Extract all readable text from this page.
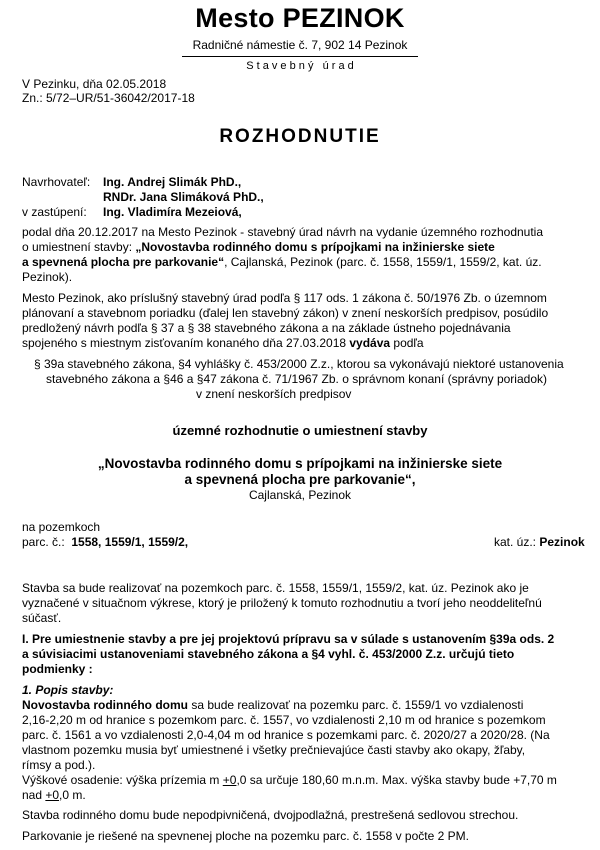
Mesto PEZINOK
Radničné námestie č. 7, 902 14 Pezinok
S t a v e b n ý   ú r a d
V Pezinku, dňa 02.05.2018
Zn.: 5/72–UR/51-36042/2017-18
ROZHODNUTIE
Navrhovateľ: Ing. Andrej Slimák PhD.,
RNDr. Jana Slimáková PhD.,
v zastúpení: Ing. Vladimíra Mezeiová,
podal dňa 20.12.2017 na Mesto Pezinok - stavebný úrad návrh na vydanie územného rozhodnutia
o umiestnení stavby: „Novostavba rodinného domu s prípojkami na inžinierske siete
a spevnená plocha pre parkovanie“, Cajlanská, Pezinok (parc. č. 1558, 1559/1, 1559/2, kat. úz.
Pezinok).
Mesto Pezinok, ako príslušný stavebný úrad podľa § 117 ods. 1 zákona č. 50/1976 Zb. o územnom
plánovaní a stavebnom poriadku (ďalej len stavebný zákon) v znení neskorších predpisov, posúdilo
predložený návrh podľa § 37 a § 38 stavebného zákona a na základe ústneho pojednávania
spojeného s miestnym zisťovaním konaného dňa 27.03.2018 vydáva podľa
§ 39a stavebného zákona, §4 vyhlášky č. 453/2000 Z.z., ktorou sa vykonávajú niektoré ustanovenia
stavebného zákona a §46 a §47 zákona č. 71/1967 Zb. o správnom konaní (správny poriadok)
v znení neskorších predpisov
územné rozhodnutie o umiestnení stavby
„Novostavba rodinného domu s prípojkami na inžinierske siete
a spevnená plocha pre parkovanie“,
Cajlanská, Pezinok
na pozemkoch
parc. č.: 1558, 1559/1, 1559/2,	kat. úz.: Pezinok
Stavba sa bude realizovať na pozemkoch parc. č. 1558, 1559/1, 1559/2, kat. úz. Pezinok ako je
vyznačené v situačnom výkrese, ktorý je priložený k tomuto rozhodnutiu a tvorí jeho neoddeliteľnú
súčasť.
I. Pre umiestnenie stavby a pre jej projektovú prípravu sa v súlade s ustanovením §39a ods. 2
a súvisiacimi ustanoveniami stavebného zákona a §4 vyhl. č. 453/2000 Z.z. určujú tieto
podmienky :
1. Popis stavby:
Novostavba rodinného domu sa bude realizovať na pozemku parc. č. 1559/1 vo vzdialenosti
2,16-2,20 m od hranice s pozemkom parc. č. 1557, vo vzdialenosti 2,10 m od hranice s pozemkom
parc. č. 1561 a vo vzdialenosti 2,0-4,04 m od hranice s pozemkami parc. č. 2020/27 a 2020/28. (Na
vlastnom pozemku musia byť umiestnené i všetky prečnievajúce časti stavby ako okapy, žľaby,
rímsy a pod.).
Výškové osadenie: výška prízemia m +0,0 sa určuje 180,60 m.n.m. Max. výška stavby bude +7,70 m
nad +0,0 m.
Stavba rodinného domu bude nepodpivničená, dvojpodlažná, prestrešená sedlovou strechou.
Parkovanie je riešené na spevnenej ploche na pozemku parc. č. 1558 v počte 2 PM.
